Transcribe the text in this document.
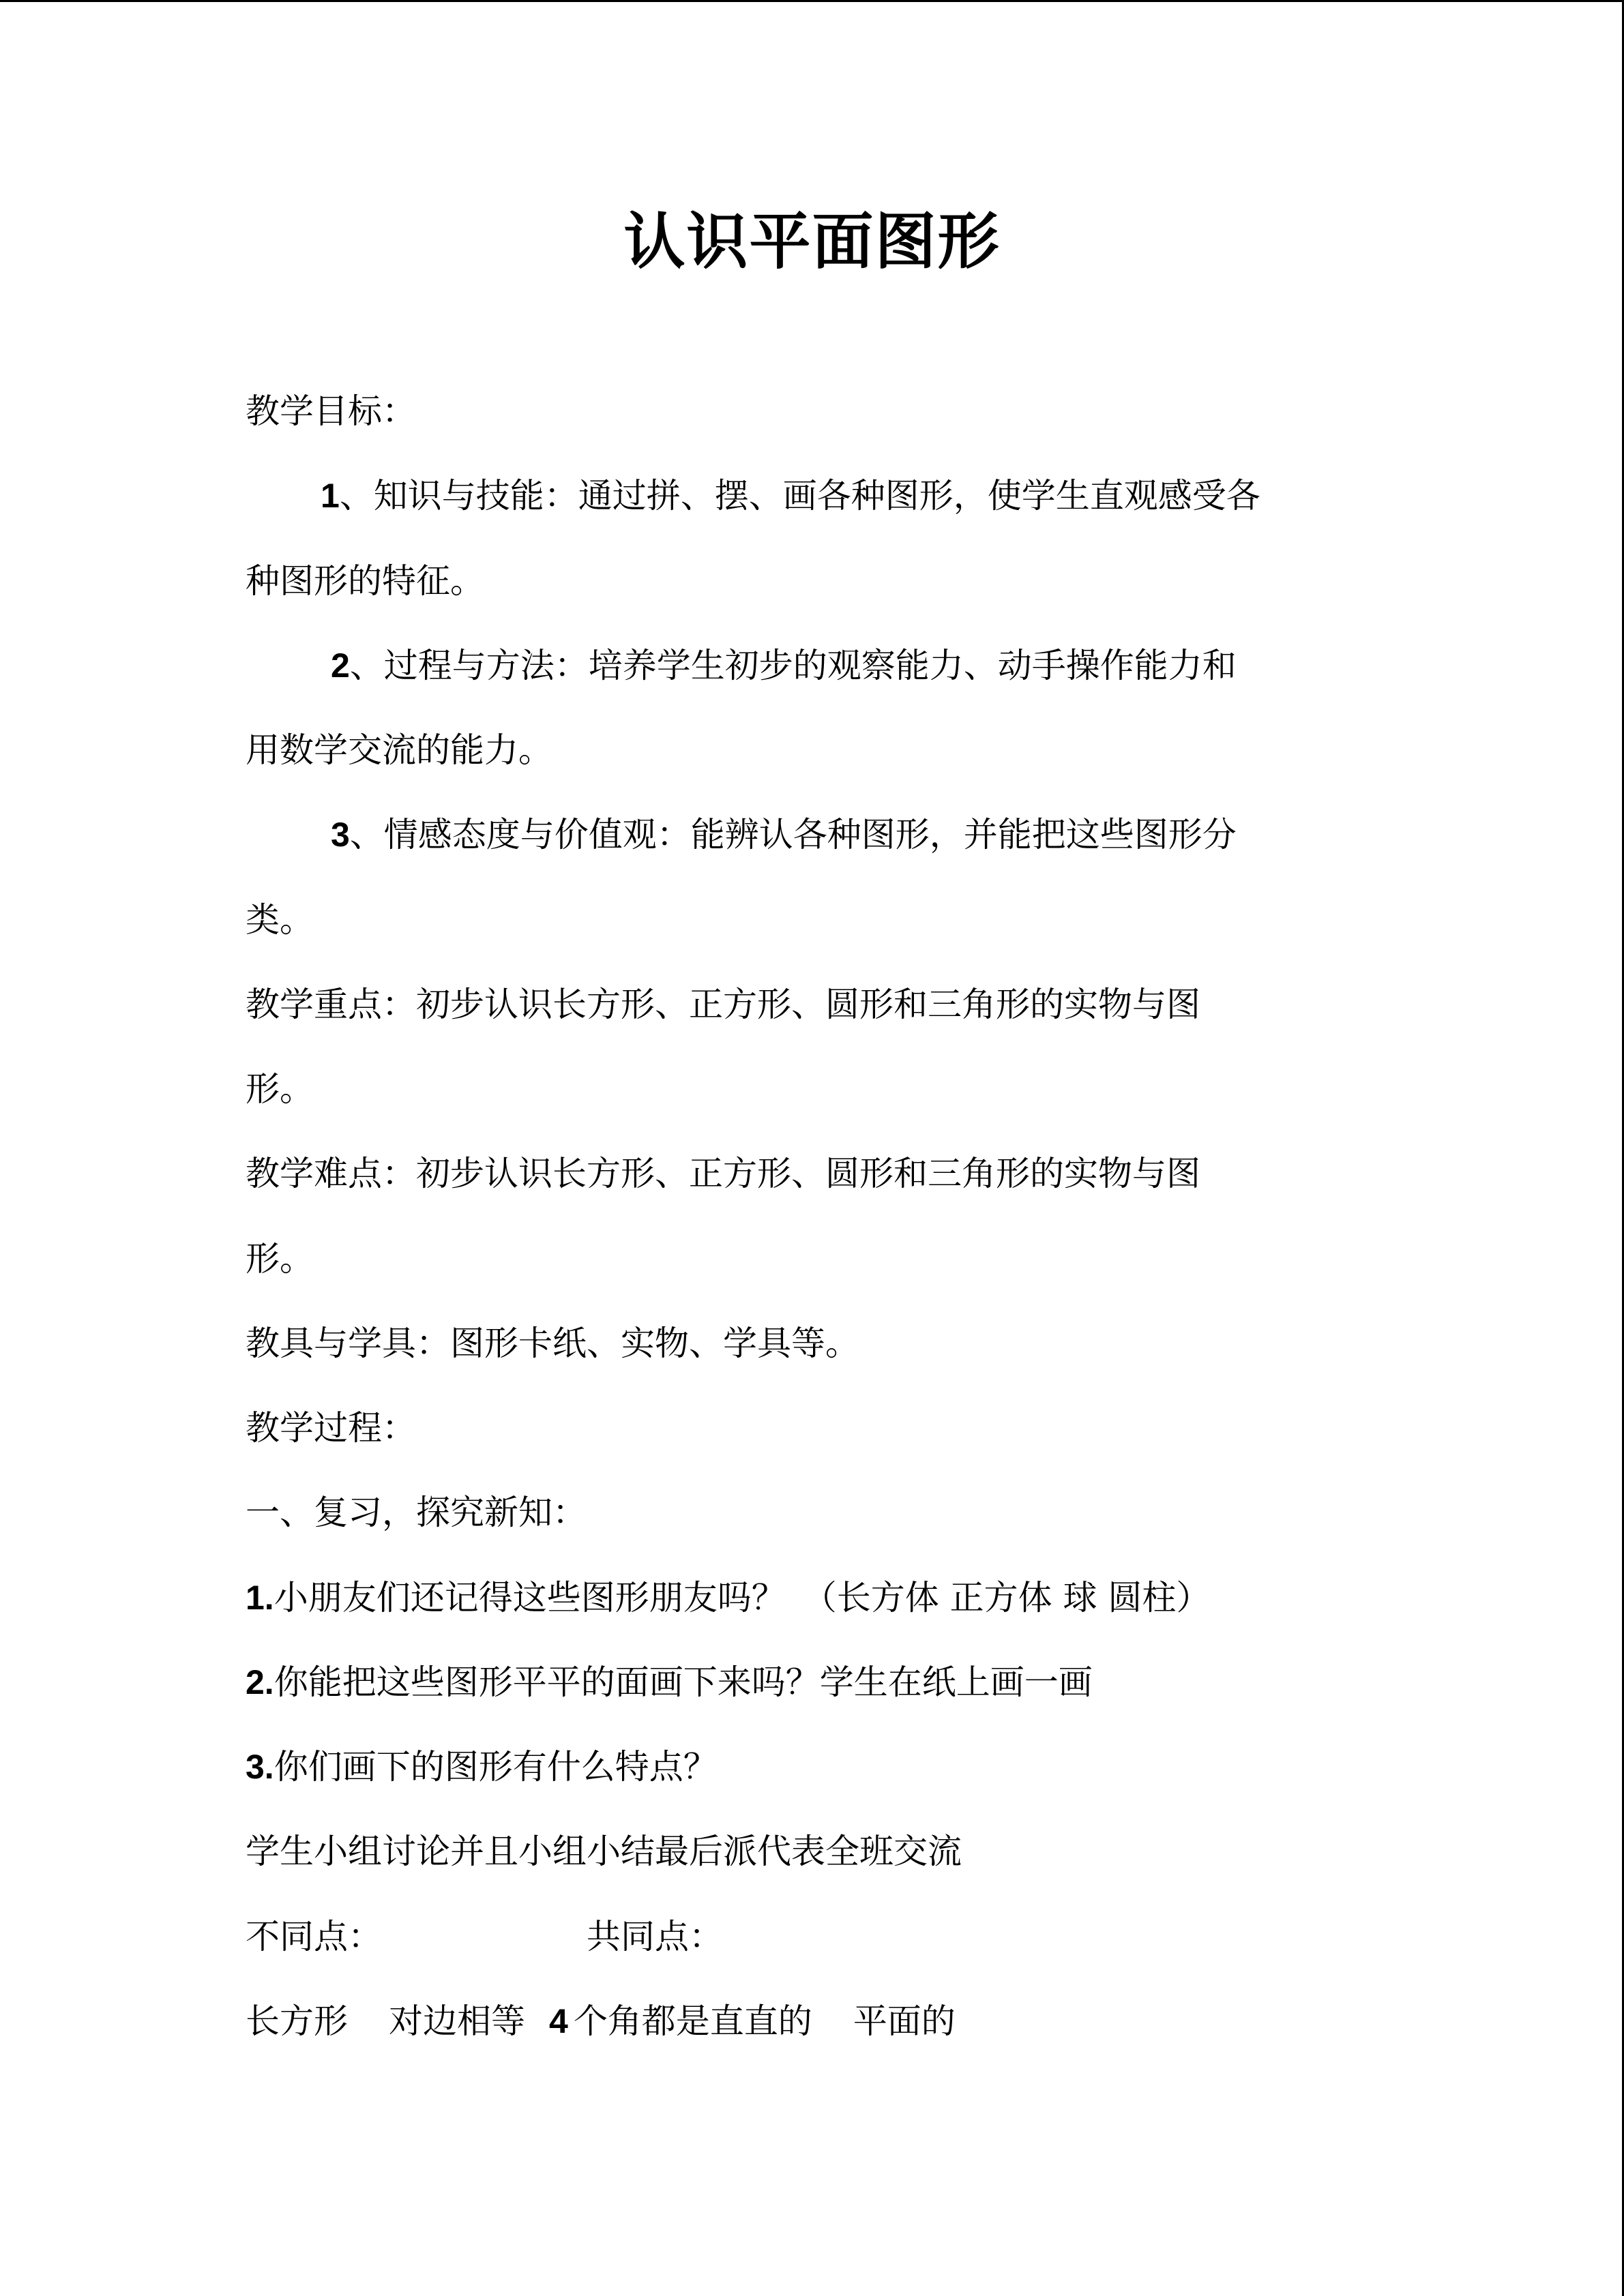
认识平面图形
教学目标：
1、知识与技能：通过拼、摆、画各种图形，使学生直观感受各
种图形的特征。
2、过程与方法：培养学生初步的观察能力、动手操作能力和
用数学交流的能力。
3、情感态度与价值观：能辨认各种图形，并能把这些图形分
类。
教学重点：初步认识长方形、正方形、圆形和三角形的实物与图
形。
教学难点：初步认识长方形、正方形、圆形和三角形的实物与图
形。
教具与学具：图形卡纸、实物、学具等。
教学过程：
一、复习，探究新知：
1.小朋友们还记得这些图形朋友吗？　（长方体 正方体 球 圆柱）
2.你能把这些图形平平的面画下来吗？学生在纸上画一画
3.你们画下的图形有什么特点？
学生小组讨论并且小组小结最后派代表全班交流
不同点：	共同点：
长方形 对边相等 4 个角都是直直的 平面的
